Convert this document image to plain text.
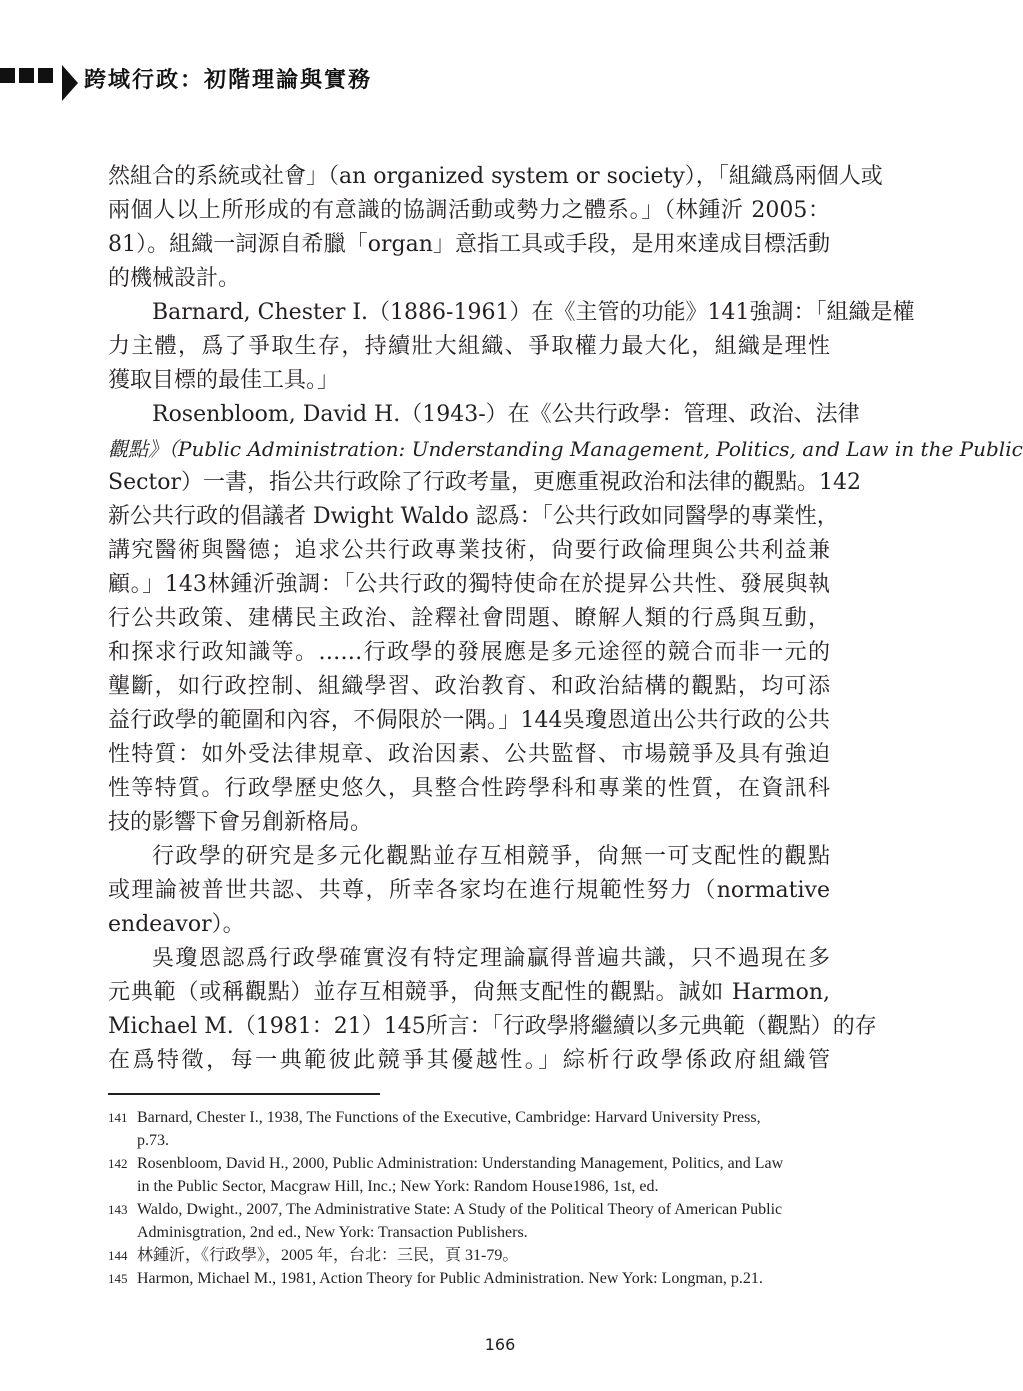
跨域行政：初階理論與實務
然組合的系統或社會」（an organized system or society），「組織爲兩個人或
兩個人以上所形成的有意識的協調活動或勢力之體系。」（林鍾沂 2005：
81）。組織一詞源自希臘「organ」意指工具或手段，是用來達成目標活動
的機械設計。
Barnard, Chester I.（1886-1961）在《主管的功能》141強調：「組織是權
力主體，爲了爭取生存，持續壯大組織、爭取權力最大化，組織是理性
獲取目標的最佳工具。」
Rosenbloom, David H.（1943-）在《公共行政學：管理、政治、法律
觀點》（Public Administration: Understanding Management, Politics, and Law in the Public
Sector）一書，指公共行政除了行政考量，更應重視政治和法律的觀點。142
新公共行政的倡議者 Dwight Waldo 認爲：「公共行政如同醫學的專業性，
講究醫術與醫德；追求公共行政專業技術，尙要行政倫理與公共利益兼
顧。」143林鍾沂強調：「公共行政的獨特使命在於提昇公共性、發展與執
行公共政策、建構民主政治、詮釋社會問題、瞭解人類的行爲與互動，
和探求行政知識等。……行政學的發展應是多元途徑的競合而非一元的
壟斷，如行政控制、組織學習、政治教育、和政治結構的觀點，均可添
益行政學的範圍和內容，不侷限於一隅。」144吳瓊恩道出公共行政的公共
性特質：如外受法律規章、政治因素、公共監督、市場競爭及具有強迫
性等特質。行政學歷史悠久，具整合性跨學科和專業的性質，在資訊科
技的影響下會另創新格局。
行政學的研究是多元化觀點並存互相競爭，尙無一可支配性的觀點
或理論被普世共認、共尊，所幸各家均在進行規範性努力（normative
endeavor）。
吳瓊恩認爲行政學確實沒有特定理論贏得普遍共識，只不過現在多
元典範（或稱觀點）並存互相競爭，尙無支配性的觀點。誠如 Harmon,
Michael M.（1981：21）145所言：「行政學將繼續以多元典範（觀點）的存
在爲特徵，每一典範彼此競爭其優越性。」綜析行政學係政府組織管
141 Barnard, Chester I., 1938, The Functions of the Executive, Cambridge: Harvard University Press,
p.73.
142 Rosenbloom, David H., 2000, Public Administration: Understanding Management, Politics, and Law
in the Public Sector, Macgraw Hill, Inc.; New York: Random House1986, 1st, ed.
143 Waldo, Dwight., 2007, The Administrative State: A Study of the Political Theory of American Public
Adminisgtration, 2nd ed., New York: Transaction Publishers.
144 林鍾沂，《行政學》，2005 年，台北：三民，頁 31-79。
145 Harmon, Michael M., 1981, Action Theory for Public Administration. New York: Longman, p.21.
166
